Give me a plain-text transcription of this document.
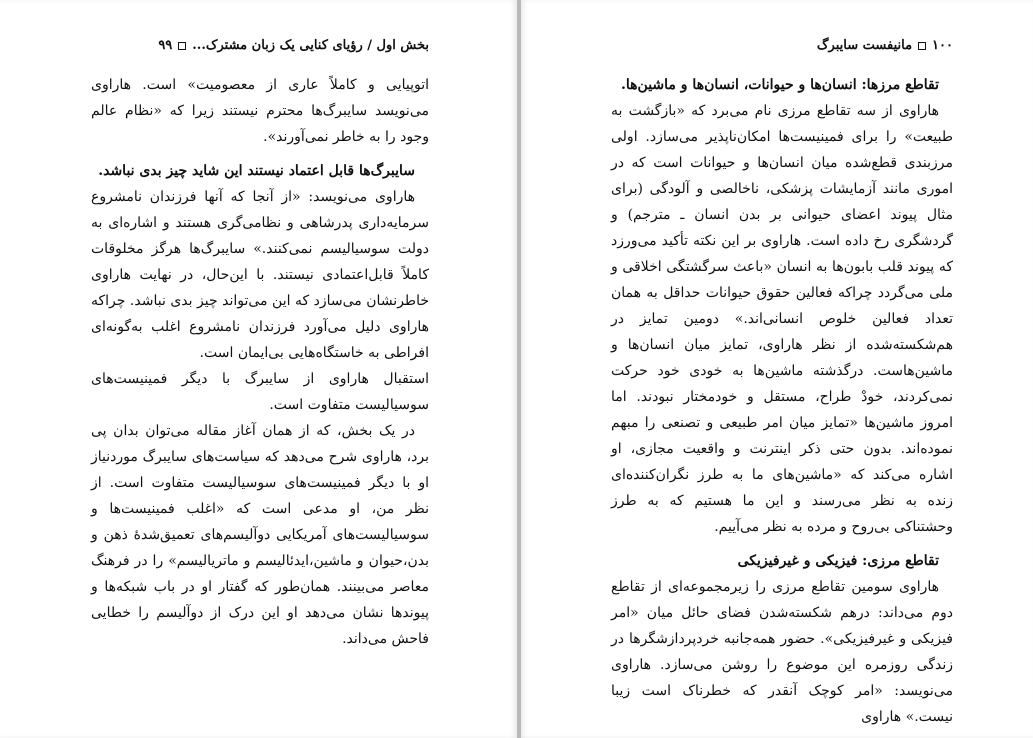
بخش اول / رؤیای کنایی یک زبان مشترک...
۹۹

اتوپیایی و کاملاً عاری از معصومیت» است. هاراوی می‌نویسد سایبرگ‌ها محترم نیستند زیرا که «نظام عالم وجود را به خاطر نمی‌آورند».

سایبرگ‌ها قابل اعتماد نیستند این شاید چیز بدی نباشد.

هاراوی می‌نویسد: «از آنجا که آنها فرزندان نامشروع سرمایه‌داری پدرشاهی و نظامی‌گری هستند و اشاره‌ای به دولت سوسیالیسم نمی‌کنند.» سایبرگ‌ها هرگز مخلوقات کاملاً قابل‌اعتمادی نیستند. با این‌حال، در نهایت هاراوی خاطرنشان می‌سازد که این می‌تواند چیز بدی نباشد. چراکه هاراوی دلیل می‌آورد فرزندان نامشروع اغلب به‌گونه‌ای افراطی به خاستگاه‌هایی بی‌ایمان است.

استقبال هاراوی از سایبرگ با دیگر فمینیست‌های سوسیالیست متفاوت است.

در یک بخش، که از همان آغاز مقاله می‌توان بدان پی برد، هاراوی شرح می‌دهد که سیاست‌های سایبرگ موردنیاز او با دیگر فمینیست‌های سوسیالیست متفاوت است. از نظر من، او مدعی است که «اغلب فمینیست‌ها و سوسیالیست‌های آمریکایی دوآلیسم‌های تعمیق‌شدهٔ ذهن و بدن،حیوان و ماشین،ایدئالیسم و ماتریالیسم» را در فرهنگ معاصر می‌بینند. همان‌طور که گفتار او در باب شبکه‌ها و پیوندها نشان می‌دهد او این درک از دوآلیسم را خطایی فاحش می‌داند.

۱۰۰
مانیفست سایبرگ

تقاطع مرزها: انسان‌ها و حیوانات، انسان‌ها و ماشین‌ها.

هاراوی از سه تقاطع مرزی نام می‌برد که «بازگشت به طبیعت» را برای فمینیست‌ها امکان‌ناپذیر می‌سازد. اولی مرزبندی قطع‌شده میان انسان‌ها و حیوانات است که در اموری مانند آزمایشات پزشکی، ناخالصی و آلودگی (برای مثال پیوند اعضای حیوانی بر بدن انسان ـ مترجم) و گردشگری رخ داده است. هاراوی بر این نکته تأکید می‌ورزد که پیوند قلب بابون‌ها به انسان «باعث سرگشتگی اخلاقی و ملی می‌گردد چراکه فعالین حقوق حیوانات حداقل به همان تعداد فعالین خلوص انسانی‌اند.» دومین تمایز در هم‌شکسته‌شده از نظر هاراوی، تمایز میان انسان‌ها و ماشین‌هاست. درگذشته ماشین‌ها به خودی خود حرکت نمی‌کردند، خودْ طراح، مستقل و خودمختار نبودند. اما امروز ماشین‌ها «تمایز میان امر طبیعی و تصنعی را مبهم نموده‌اند. بدون حتی ذکر اینترنت و واقعیت مجازی، او اشاره می‌کند که «ماشین‌های ما به طرز نگران‌کننده‌ای زنده به نظر می‌رسند و این ما هستیم که به طرز وحشتناکی بی‌روح و مرده به نظر می‌آییم.

تقاطع مرزی: فیزیکی و غیرفیزیکی

هاراوی سومین تقاطع مرزی را زیرمجموعه‌ای از تقاطع دوم می‌داند: درهم شکسته‌شدن فضای حائل میان «امر فیزیکی و غیرفیزیکی». حضور همه‌جانبه خردپردازشگرها در زندگی روزمره این موضوع را روشن می‌سازد. هاراوی می‌نویسد: «امر کوچک آنقدر که خطرناک است زیبا نیست.» هاراوی
